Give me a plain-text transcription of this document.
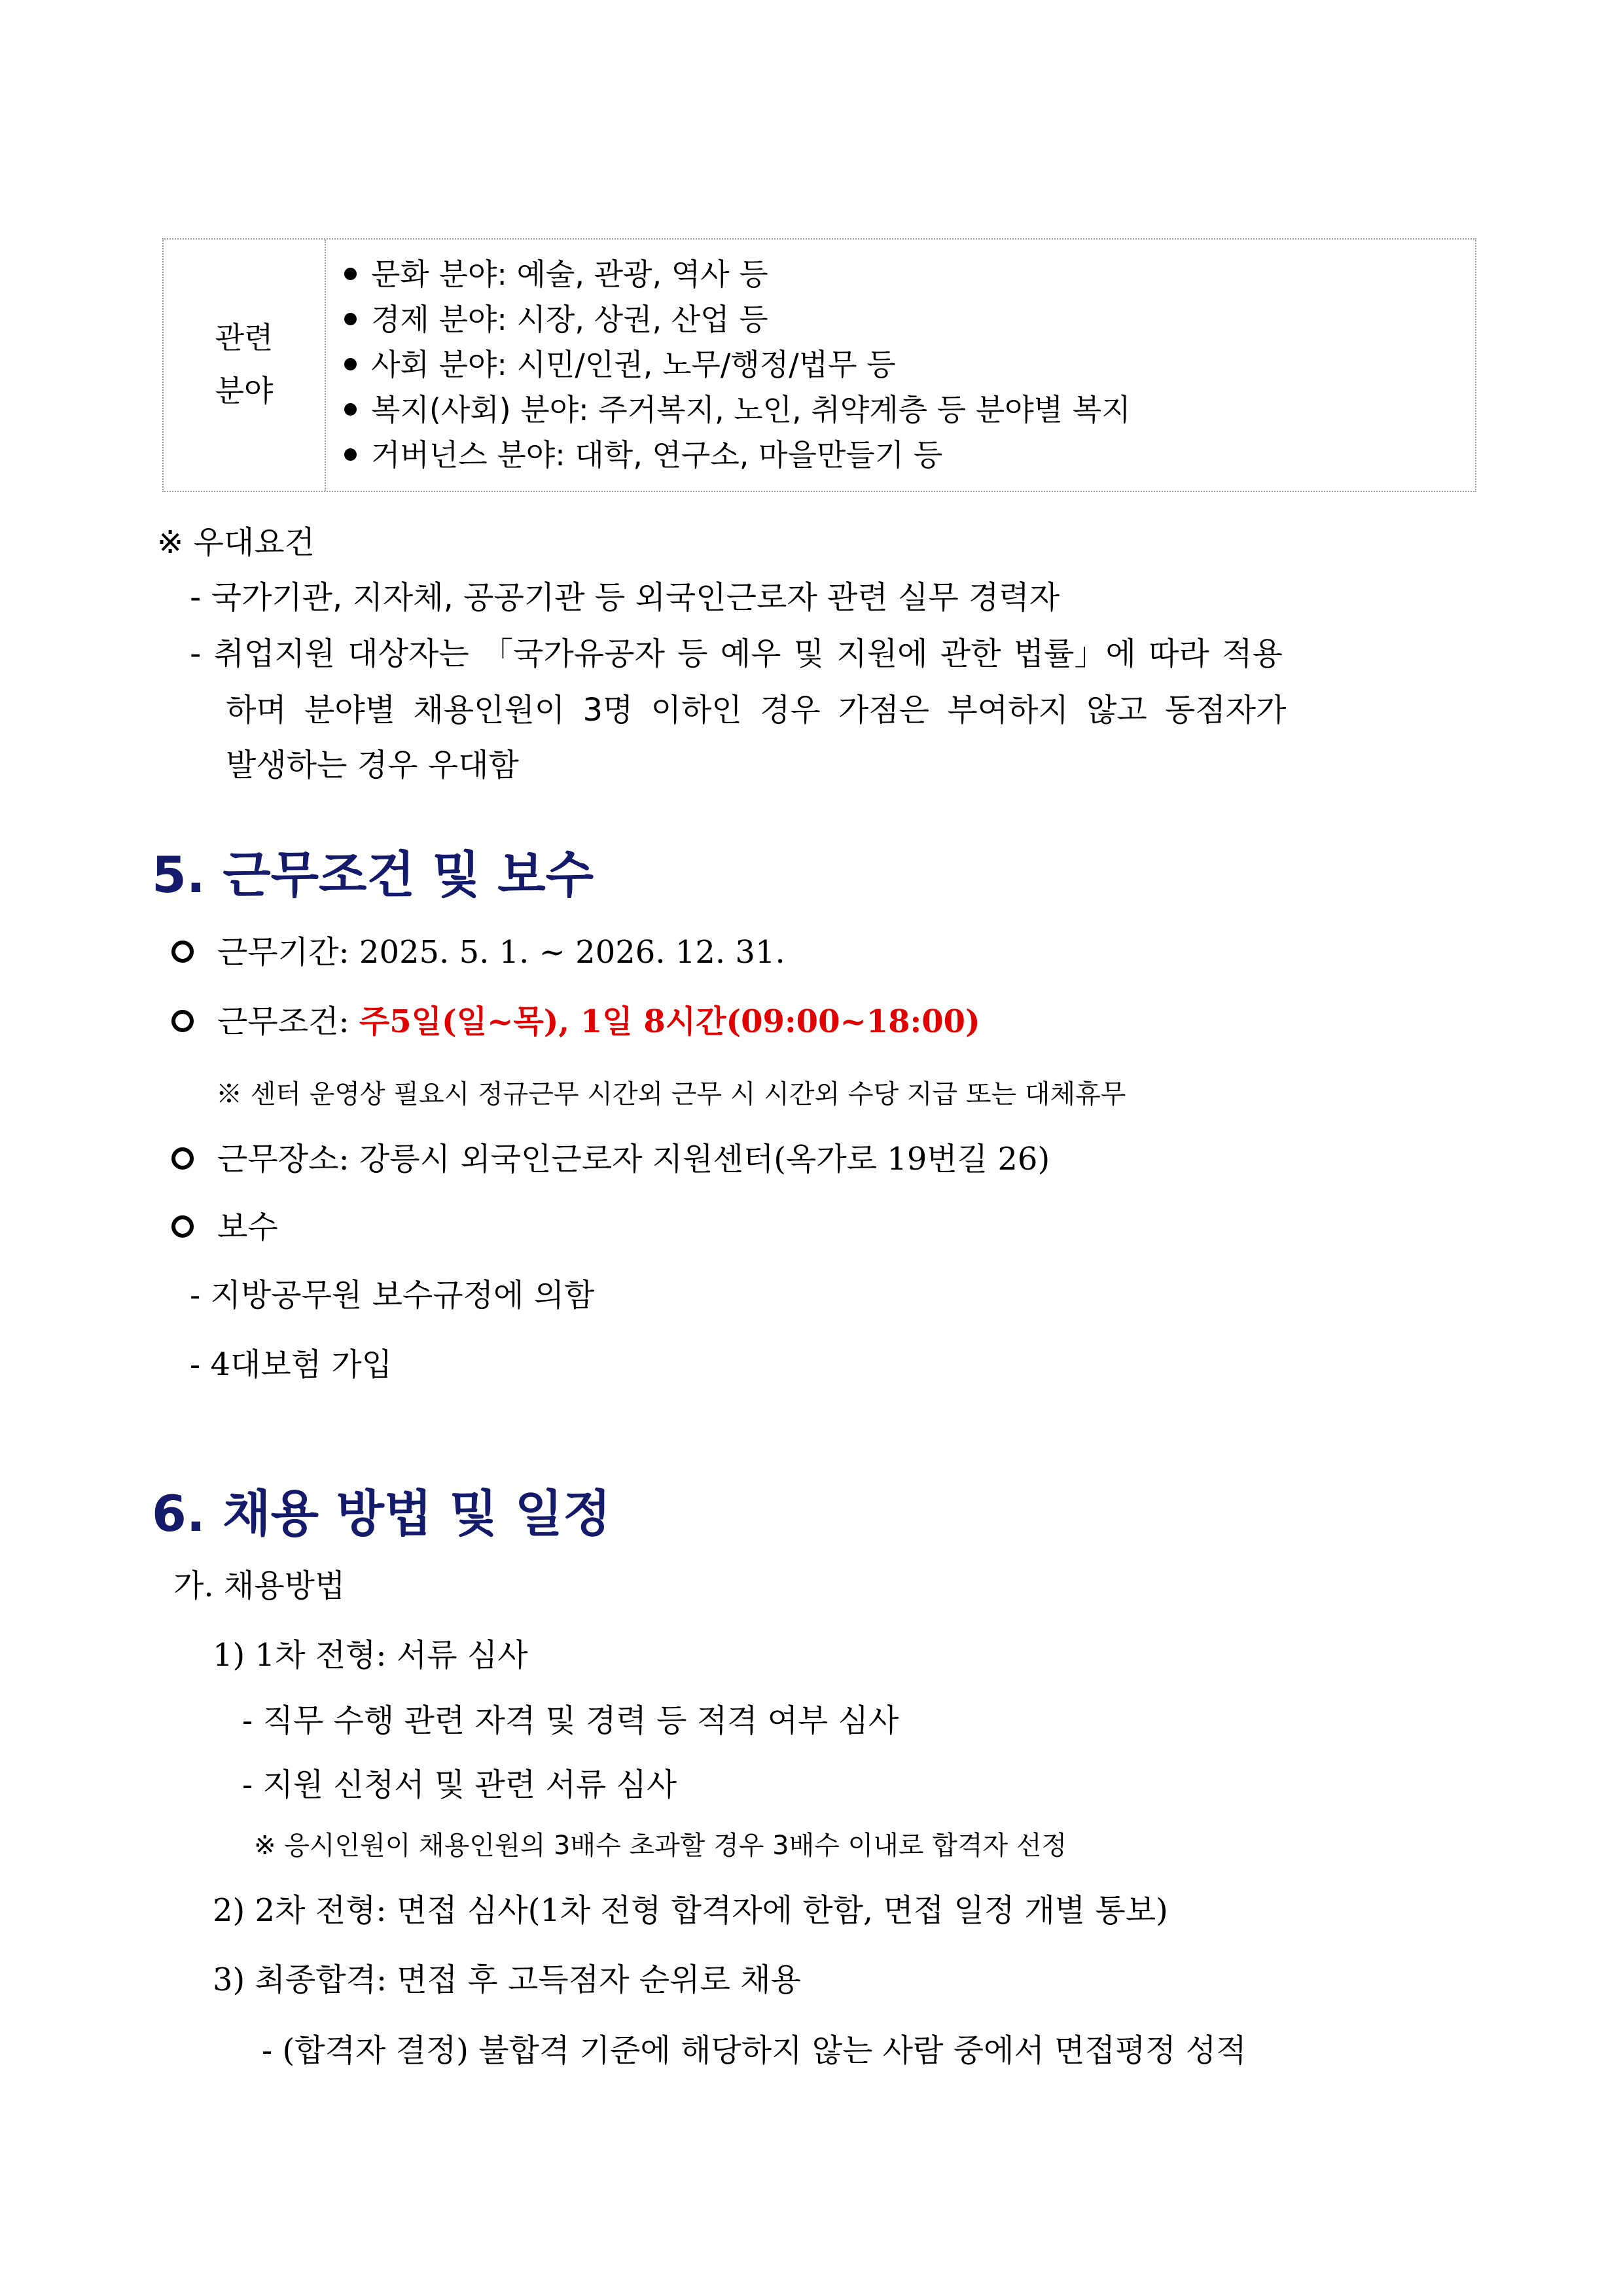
관련
분야
문화 분야: 예술, 관광, 역사 등
경제 분야: 시장, 상권, 산업 등
사회 분야: 시민/인권, 노무/행정/법무 등
복지(사회) 분야: 주거복지, 노인, 취약계층 등 분야별 복지
거버넌스 분야: 대학, 연구소, 마을만들기 등
※ 우대요건
- 국가기관, 지자체, 공공기관 등 외국인근로자 관련 실무 경력자
- 취업지원 대상자는 「국가유공자 등 예우 및 지원에 관한 법률」에 따라 적용
하며 분야별 채용인원이 3명 이하인 경우 가점은 부여하지 않고 동점자가
발생하는 경우 우대함
5. 근무조건 및 보수
근무기간: 2025. 5. 1. ~ 2026. 12. 31.
근무조건: 주5일(일~목), 1일 8시간(09:00~18:00)
※ 센터 운영상 필요시 정규근무 시간외 근무 시 시간외 수당 지급 또는 대체휴무
근무장소: 강릉시 외국인근로자 지원센터(옥가로 19번길 26)
보수
- 지방공무원 보수규정에 의함
- 4대보험 가입
6. 채용 방법 및 일정
가. 채용방법
1) 1차 전형: 서류 심사
- 직무 수행 관련 자격 및 경력 등 적격 여부 심사
- 지원 신청서 및 관련 서류 심사
※ 응시인원이 채용인원의 3배수 초과할 경우 3배수 이내로 합격자 선정
2) 2차 전형: 면접 심사(1차 전형 합격자에 한함, 면접 일정 개별 통보)
3) 최종합격: 면접 후 고득점자 순위로 채용
- (합격자 결정) 불합격 기준에 해당하지 않는 사람 중에서 면접평정 성적
